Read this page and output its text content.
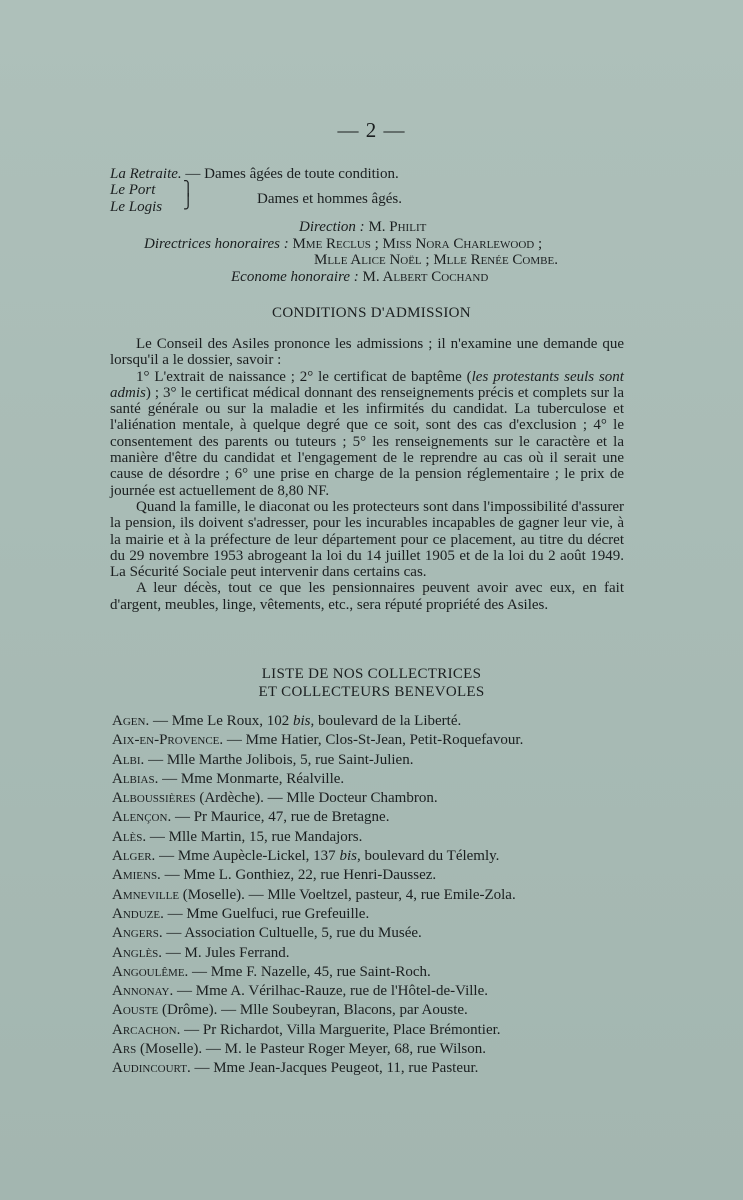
— 2 —
La Retraite. — Dames âgées de toute condition.
Le Port
Le Logis
⎫
⎭	Dames et hommes âgés.
Direction : M. Philit
Directrices honoraires : Mme Reclus ; Miss Nora Charlewood ;
Mlle Alice Noël ; Mlle Renée Combe.
Econome honoraire : M. Albert Cochand
CONDITIONS D'ADMISSION

Le Conseil des Asiles prononce les admissions ; il n'examine une demande que lorsqu'il a le dossier, savoir :

1° L'extrait de naissance ; 2° le certificat de baptême (les protestants seuls sont admis) ; 3° le certificat médical donnant des renseignements précis et complets sur la santé générale ou sur la maladie et les infirmités du candidat. La tuberculose et l'aliénation mentale, à quelque degré que ce soit, sont des cas d'exclusion ; 4° le consentement des parents ou tuteurs ; 5° les renseignements sur le caractère et la manière d'être du candidat et l'engagement de le reprendre au cas où il serait une cause de désordre ; 6° une prise en charge de la pension réglementaire ; le prix de journée est actuellement de 8,80 NF.

Quand la famille, le diaconat ou les protecteurs sont dans l'impossibilité d'assurer la pension, ils doivent s'adresser, pour les incurables incapables de gagner leur vie, à la mairie et à la préfecture de leur département pour ce placement, au titre du décret du 29 novembre 1953 abrogeant la loi du 14 juillet 1905 et de la loi du 2 août 1949. La Sécurité Sociale peut intervenir dans certains cas.

A leur décès, tout ce que les pensionnaires peuvent avoir avec eux, en fait d'argent, meubles, linge, vêtements, etc., sera réputé propriété des Asiles.

LISTE DE NOS COLLECTRICES
ET COLLECTEURS BENEVOLES
Agen. — Mme Le Roux, 102 bis, boulevard de la Liberté.
Aix-en-Provence. — Mme Hatier, Clos-St-Jean, Petit-Roquefavour.
Albi. — Mlle Marthe Jolibois, 5, rue Saint-Julien.
Albias. — Mme Monmarte, Réalville.
Alboussières (Ardèche). — Mlle Docteur Chambron.
Alençon. — Pr Maurice, 47, rue de Bretagne.
Alès. — Mlle Martin, 15, rue Mandajors.
Alger. — Mme Aupècle-Lickel, 137 bis, boulevard du Télemly.
Amiens. — Mme L. Gonthiez, 22, rue Henri-Daussez.
Amneville (Moselle). — Mlle Voeltzel, pasteur, 4, rue Emile-Zola.
Anduze. — Mme Guelfuci, rue Grefeuille.
Angers. — Association Cultuelle, 5, rue du Musée.
Anglès. — M. Jules Ferrand.
Angoulême. — Mme F. Nazelle, 45, rue Saint-Roch.
Annonay. — Mme A. Vérilhac-Rauze, rue de l'Hôtel-de-Ville.
Aouste (Drôme). — Mlle Soubeyran, Blacons, par Aouste.
Arcachon. — Pr Richardot, Villa Marguerite, Place Brémontier.
Ars (Moselle). — M. le Pasteur Roger Meyer, 68, rue Wilson.
Audincourt. — Mme Jean-Jacques Peugeot, 11, rue Pasteur.
